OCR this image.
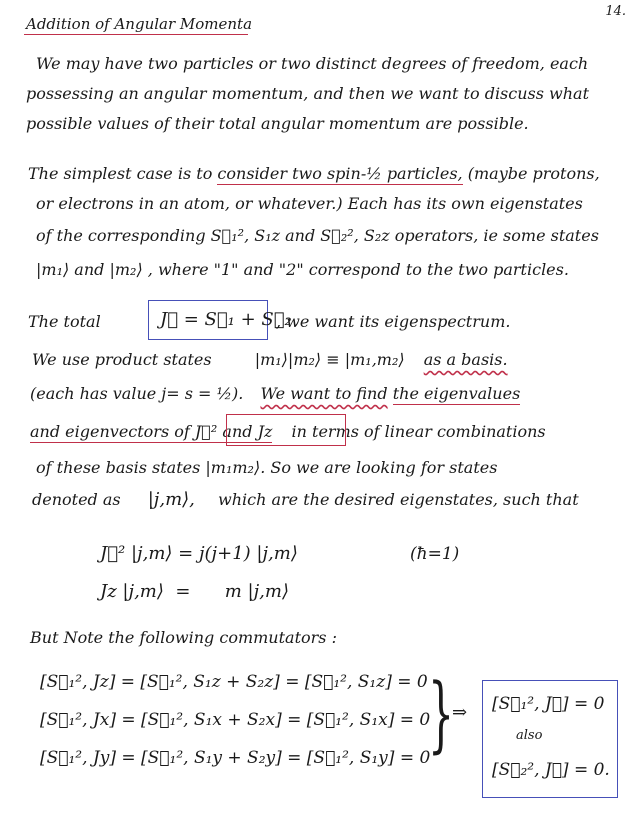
14.
Addition of Angular Momenta
We may have two particles or two distinct degrees of freedom, each
possessing an angular momentum, and then we want to discuss what
possible values of their total angular momentum are possible.
The simplest case is to consider two spin-½ particles, (maybe protons,
or electrons in an atom, or whatever.) Each has its own eigenstates
of the corresponding S⃗₁², S₁z and S⃗₂², S₂z operators, ie some states
|m₁⟩ and |m₂⟩ , where "1" and "2" correspond to the two particles.
The total	J⃗ = S⃗₁ + S⃗₂
, we want its eigenspectrum.
We use product states	|m₁⟩|m₂⟩ ≡ |m₁,m₂⟩ as a basis.
(each has value j= s = ½). We want to find the eigenvalues
and eigenvectors of J⃗² and Jz in terms of linear combinations
of these basis states |m₁m₂⟩. So we are looking for states
denoted as |j,m⟩, which are the desired eigenstates, such that
J⃗² |j,m⟩ = j(j+1) |j,m⟩	(ħ=1)
Jz |j,m⟩  =      m |j,m⟩
But Note the following commutators :
[S⃗₁², Jz] = [S⃗₁², S₁z + S₂z] = [S⃗₁², S₁z] = 0
[S⃗₁², Jx] = [S⃗₁², S₁x + S₂x] = [S⃗₁², S₁x] = 0
[S⃗₁², Jy] = [S⃗₁², S₁y + S₂y] = [S⃗₁², S₁y] = 0
}
⇒ [S⃗₁², J⃗] = 0
also
[S⃗₂², J⃗] = 0.
